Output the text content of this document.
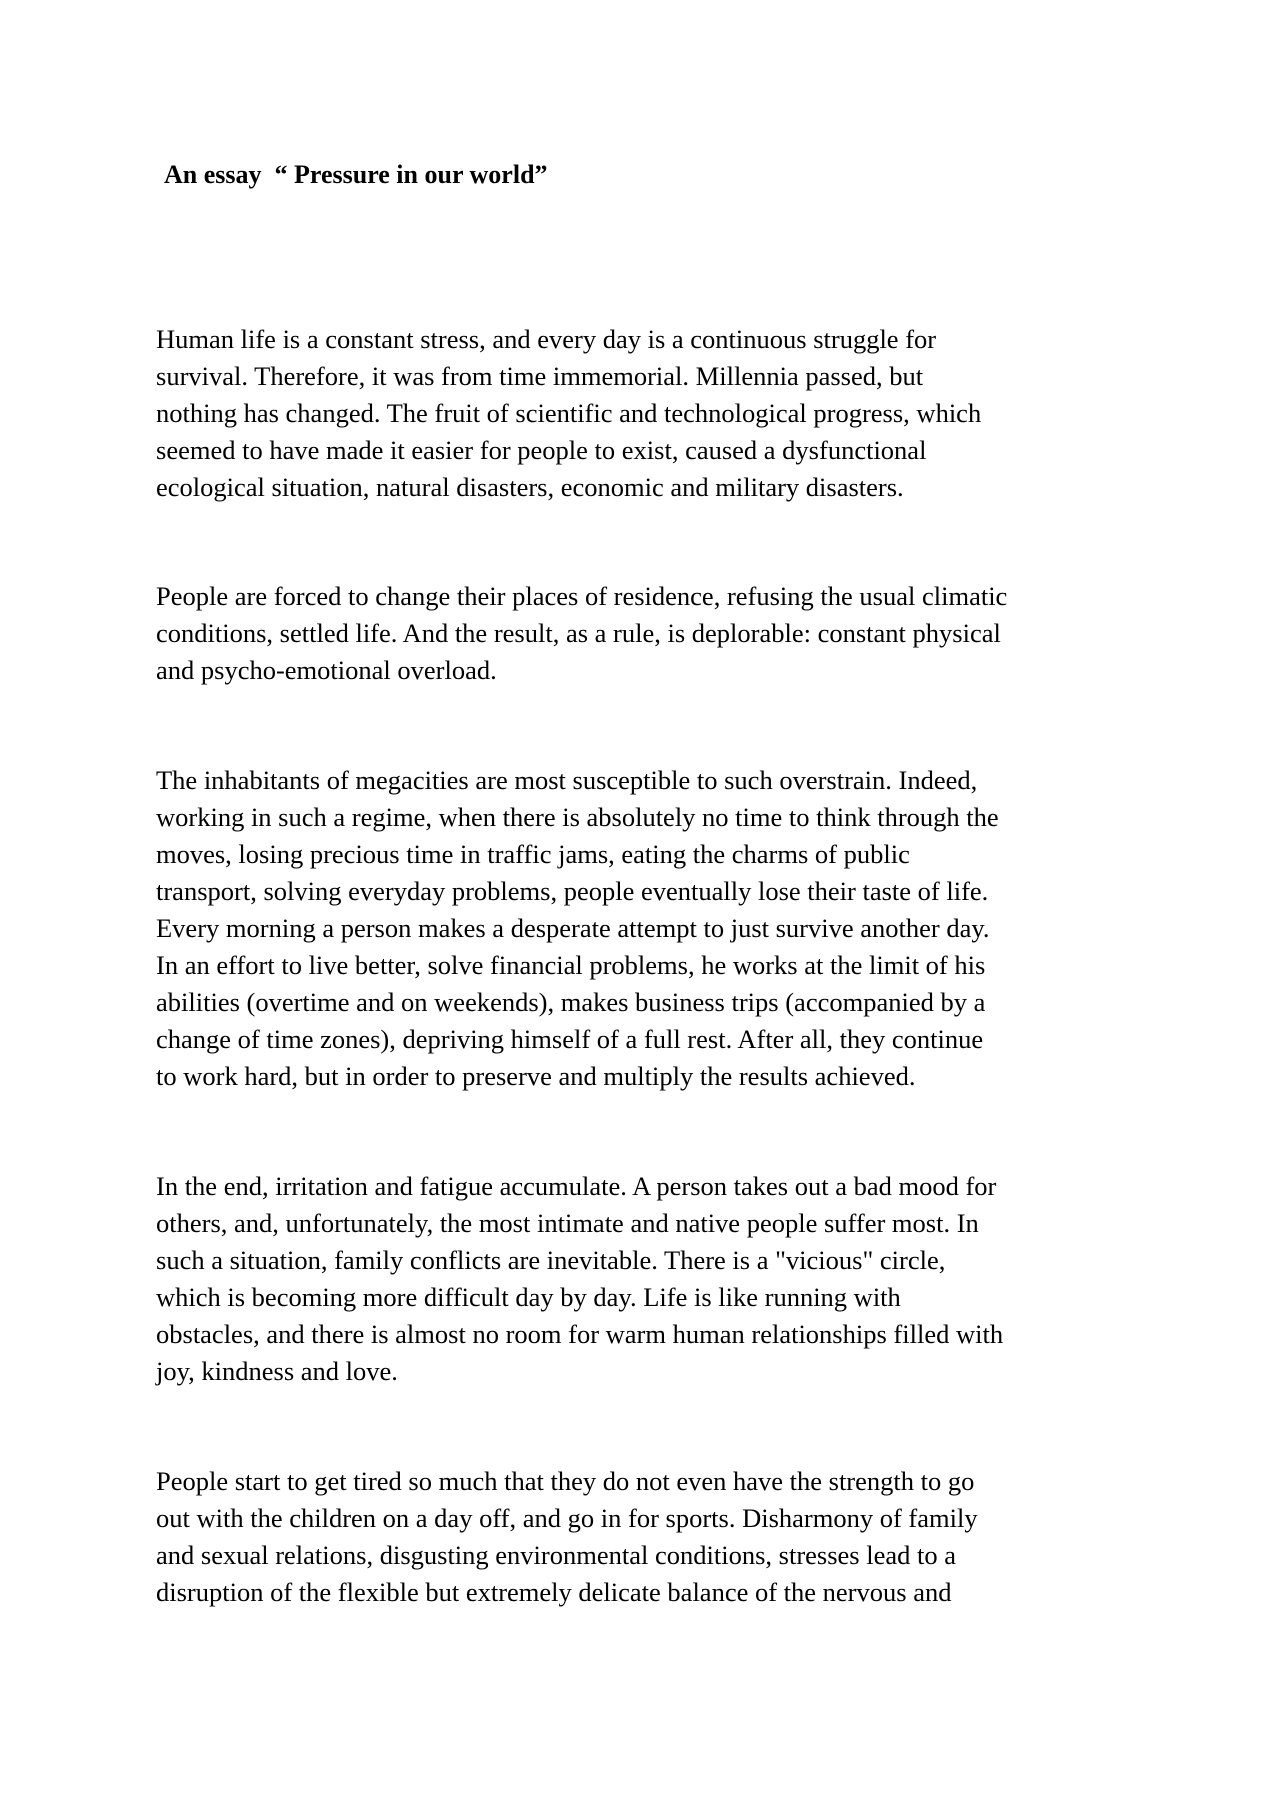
An essay  “ Pressure in our world”

Human life is a constant stress, and every day is a continuous struggle for
survival. Therefore, it was from time immemorial. Millennia passed, but
nothing has changed. The fruit of scientific and technological progress, which
seemed to have made it easier for people to exist, caused a dysfunctional
ecological situation, natural disasters, economic and military disasters.

People are forced to change their places of residence, refusing the usual climatic
conditions, settled life. And the result, as a rule, is deplorable: constant physical
and psycho-emotional overload.

The inhabitants of megacities are most susceptible to such overstrain. Indeed,
working in such a regime, when there is absolutely no time to think through the
moves, losing precious time in traffic jams, eating the charms of public
transport, solving everyday problems, people eventually lose their taste of life.
Every morning a person makes a desperate attempt to just survive another day.
In an effort to live better, solve financial problems, he works at the limit of his
abilities (overtime and on weekends), makes business trips (accompanied by a
change of time zones), depriving himself of a full rest. After all, they continue
to work hard, but in order to preserve and multiply the results achieved.

In the end, irritation and fatigue accumulate. A person takes out a bad mood for
others, and, unfortunately, the most intimate and native people suffer most. In
such a situation, family conflicts are inevitable. There is a "vicious" circle,
which is becoming more difficult day by day. Life is like running with
obstacles, and there is almost no room for warm human relationships filled with
joy, kindness and love.

People start to get tired so much that they do not even have the strength to go
out with the children on a day off, and go in for sports. Disharmony of family
and sexual relations, disgusting environmental conditions, stresses lead to a
disruption of the flexible but extremely delicate balance of the nervous and
